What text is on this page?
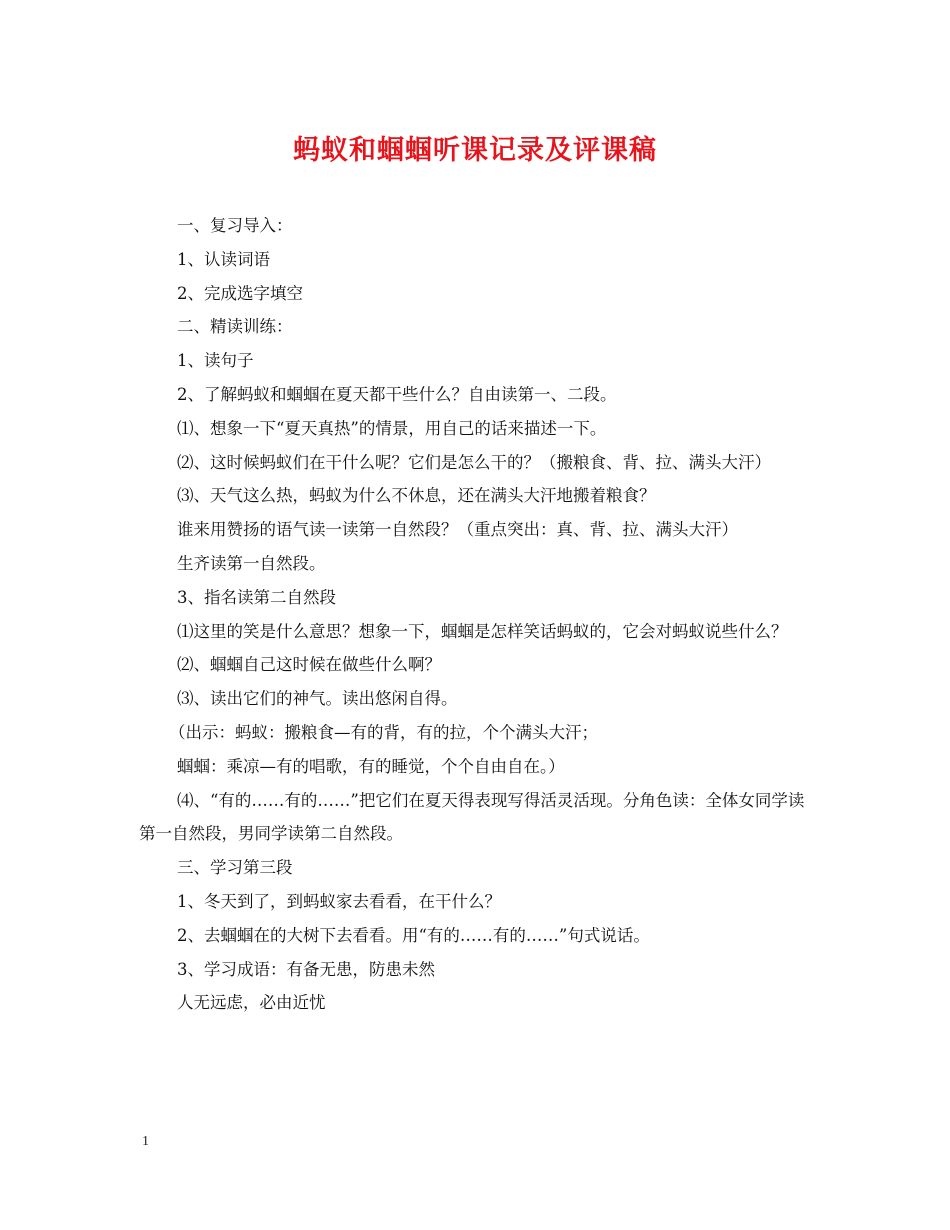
蚂蚁和蝈蝈听课记录及评课稿

一、复习导入：

1、认读词语

2、完成选字填空

二、精读训练：

1、读句子

2、了解蚂蚁和蝈蝈在夏天都干些什么？自由读第一、二段。

⑴、想象一下“夏天真热”的情景，用自己的话来描述一下。

⑵、这时候蚂蚁们在干什么呢？它们是怎么干的？（搬粮食、背、拉、满头大汗）

⑶、天气这么热，蚂蚁为什么不休息，还在满头大汗地搬着粮食？

谁来用赞扬的语气读一读第一自然段？（重点突出：真、背、拉、满头大汗）

生齐读第一自然段。

3、指名读第二自然段

⑴这里的笑是什么意思？想象一下，蝈蝈是怎样笑话蚂蚁的，它会对蚂蚁说些什么？

⑵、蝈蝈自己这时候在做些什么啊？

⑶、读出它们的神气。读出悠闲自得。

（出示：蚂蚁：搬粮食—有的背，有的拉，个个满头大汗；

蝈蝈：乘凉—有的唱歌，有的睡觉，个个自由自在。）

⑷、“有的……有的……”把它们在夏天得表现写得活灵活现。分角色读：全体女同学读第一自然段，男同学读第二自然段。

三、学习第三段

1、冬天到了，到蚂蚁家去看看，在干什么？

2、去蝈蝈在的大树下去看看。用“有的……有的……”句式说话。

3、学习成语：有备无患，防患未然

人无远虑，必由近忧

1
